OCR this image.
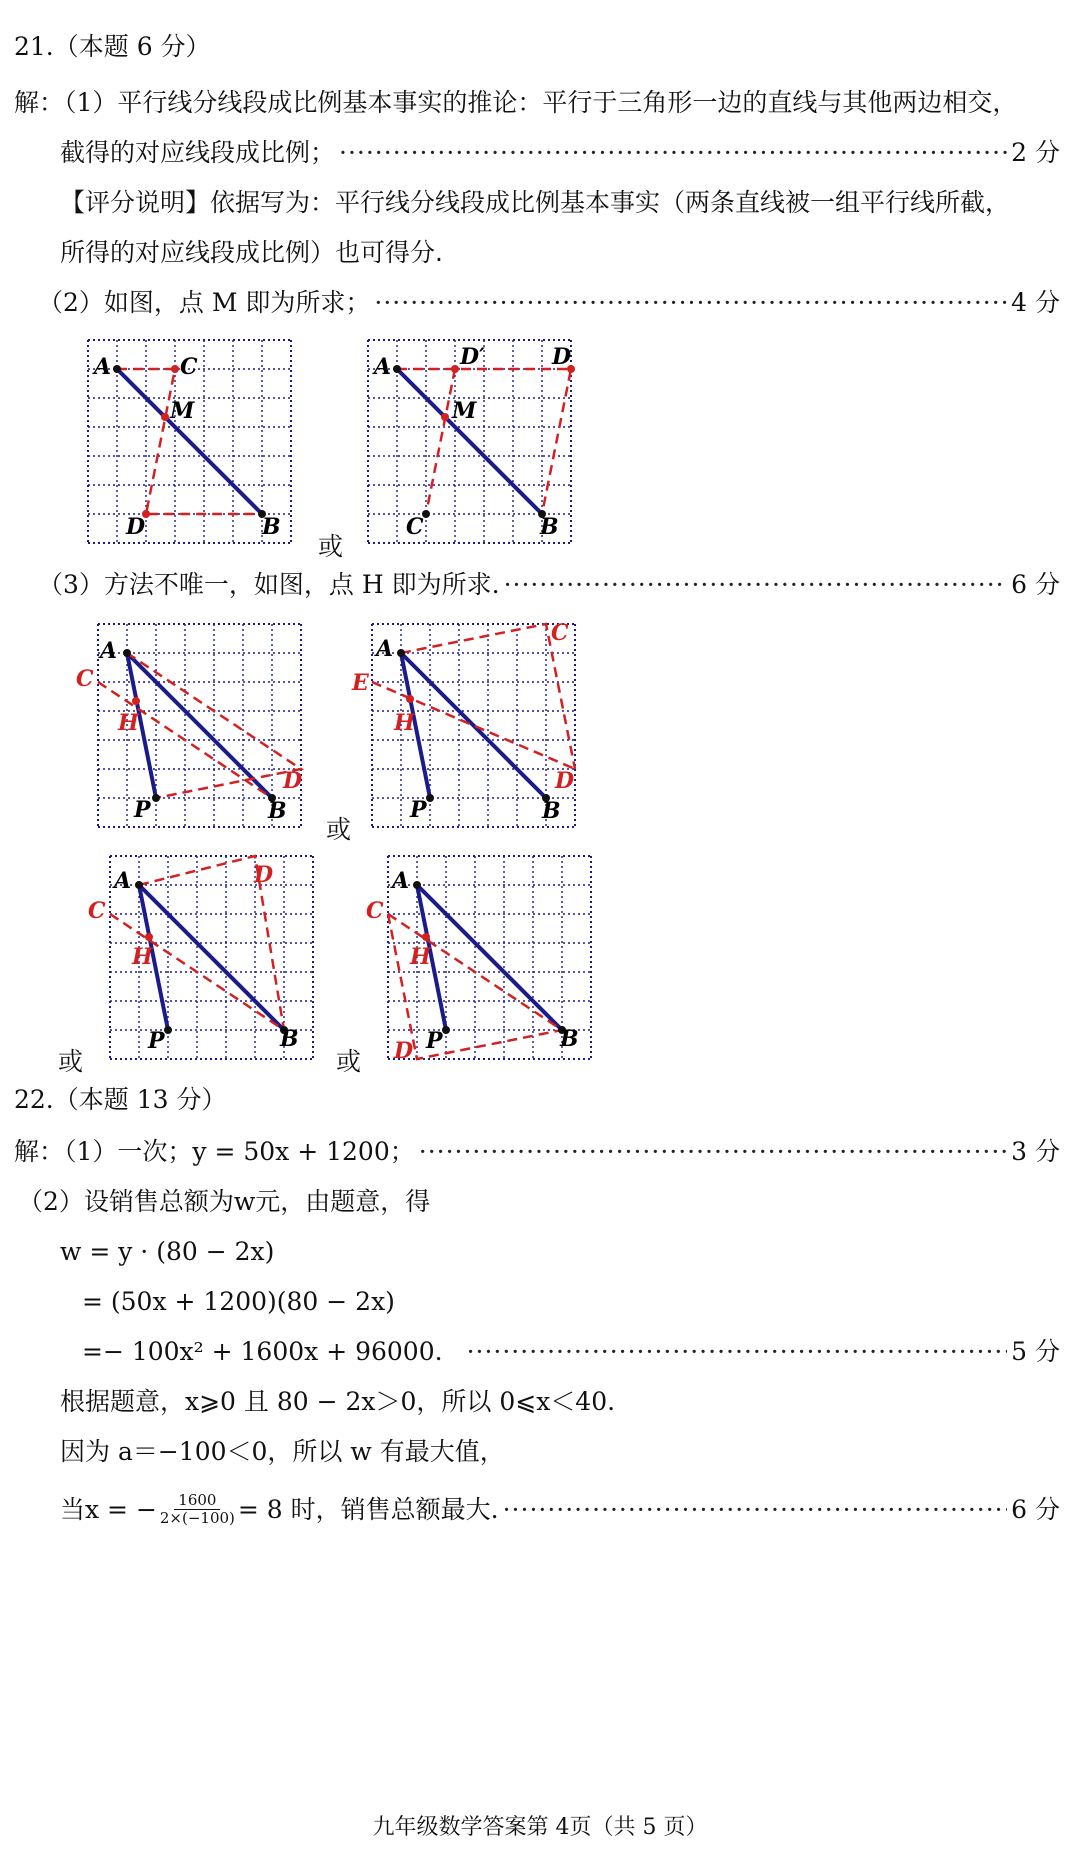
21.（本题 6 分）
解：（1）平行线分线段成比例基本事实的推论：平行于三角形一边的直线与其他两边相交，
截得的对应线段成比例； ·····	2 分
【评分说明】依据写为：平行线分线段成比例基本事实（两条直线被一组平行线所截，
所得的对应线段成比例）也可得分.
（2）如图，点 M 即为所求； ·····	4 分
A	C
M
D	B
或
A	D′	D
M
C	B
（3）方法不唯一，如图，点 H 即为所求. ·····	6 分
A
C
H
D
P	B
或
A
C
E
H
D
P	B
A	D
C
H
P	B
或	或
A
C
H
B
D P
22.（本题 13 分）
解：（1）一次；y = 50x + 1200； ·····	3 分
（2）设销售总额为w元，由题意，得
w = y · (80 − 2x)
= (50x + 1200)(80 − 2x)
=− 100x² + 1600x + 96000. ·····	5 分
根据题意，x⩾0 且 80 − 2x＞0，所以 0⩽x＜40.
因为 a＝−100＜0，所以 w 有最大值，
当x = − $\frac{1600}{2\times(-100)} = 8$ 时，销售总额最大. ·····	6 分
九年级数学答案第 4页（共 5 页）
